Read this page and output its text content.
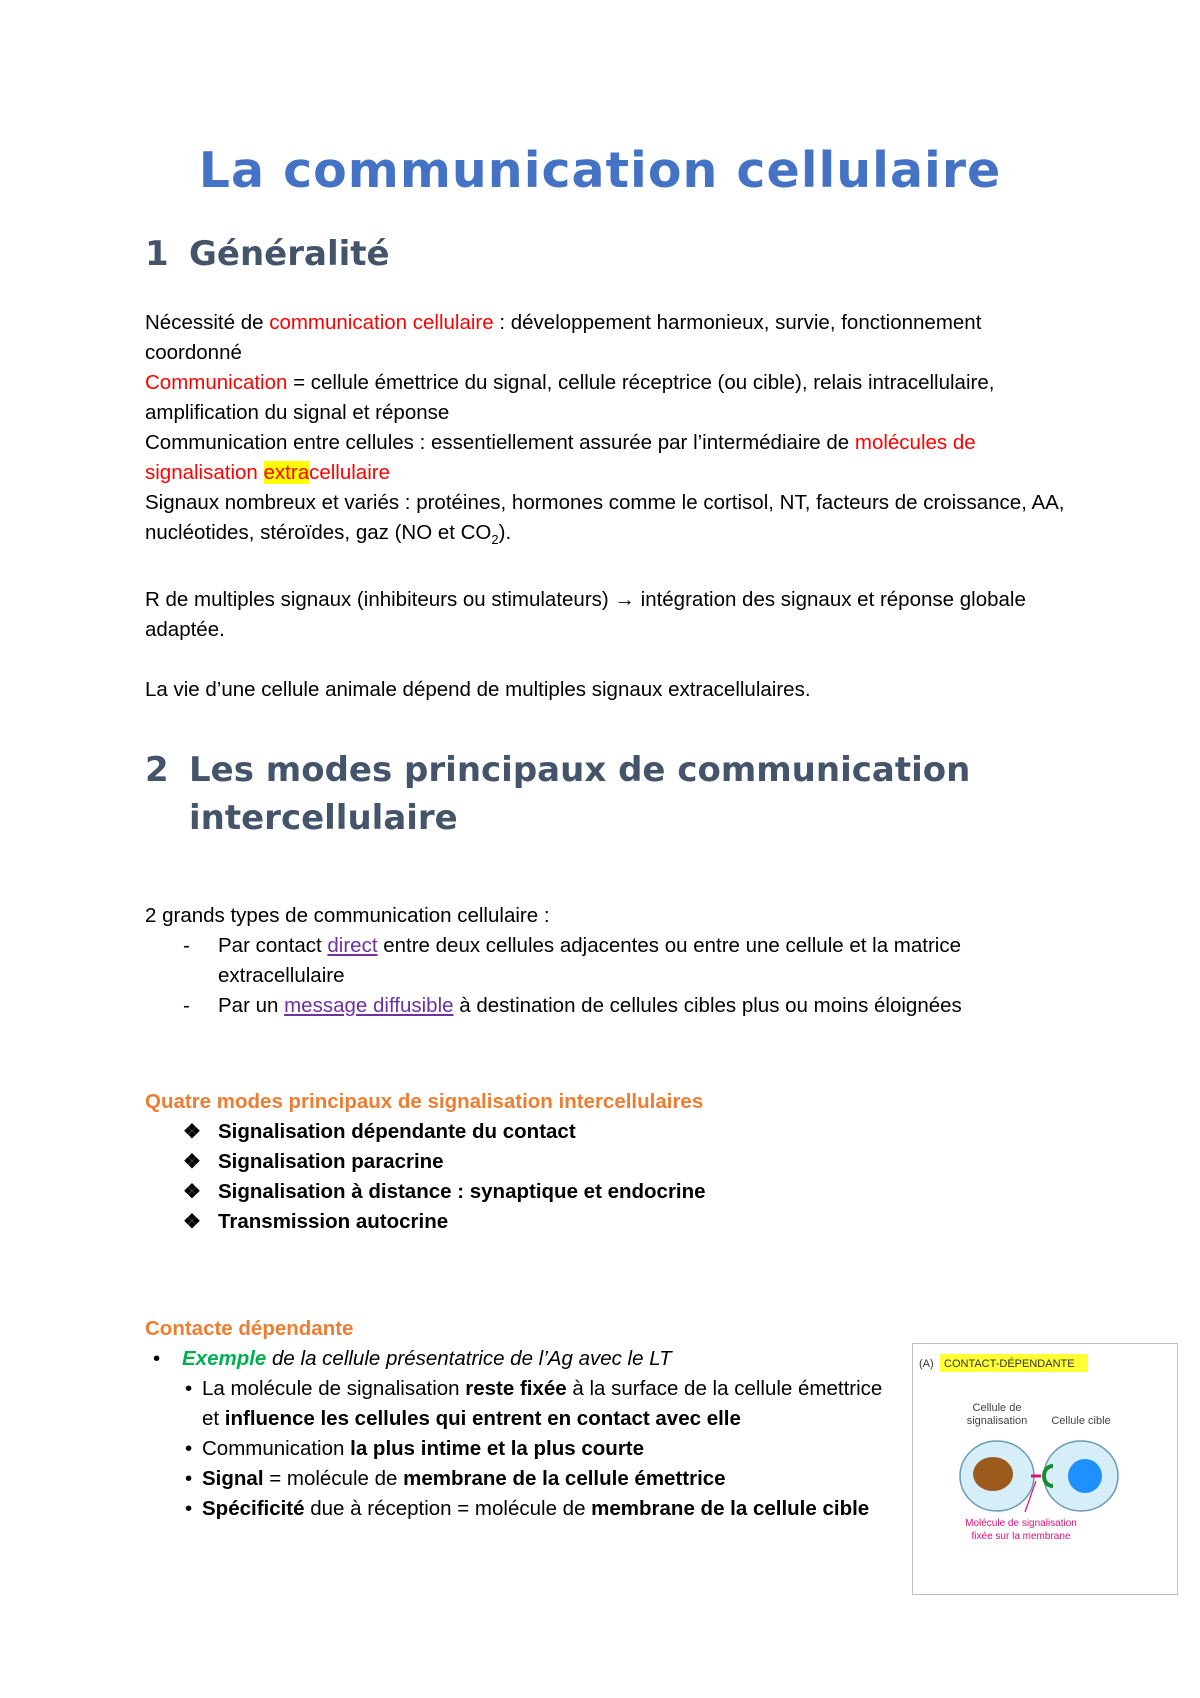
La communication cellulaire
1 Généralité

Nécessité de communication cellulaire : développement harmonieux, survie, fonctionnement coordonné

Communication = cellule émettrice du signal, cellule réceptrice (ou cible), relais intracellulaire, amplification du signal et réponse

Communication entre cellules : essentiellement assurée par l’intermédiaire de molécules de signalisation extracellulaire

Signaux nombreux et variés : protéines, hormones comme le cortisol, NT, facteurs de croissance, AA, nucléotides, stéroïdes, gaz (NO et $CO_2$).

R de multiples signaux (inhibiteurs ou stimulateurs) → intégration des signaux et réponse globale adaptée.

La vie d’une cellule animale dépend de multiples signaux extracellulaires.

2 Les modes principaux de communication
intercellulaire

2 grands types de communication cellulaire :

- Par contact direct entre deux cellules adjacentes ou entre une cellule et la matrice extracellulaire
- Par un message diffusible à destination de cellules cibles plus ou moins éloignées

Quatre modes principaux de signalisation intercellulaires

❖ Signalisation dépendante du contact
❖ Signalisation paracrine
❖ Signalisation à distance : synaptique et endocrine
❖ Transmission autocrine

Contacte dépendante

• Exemple de la cellule présentatrice de l’Ag avec le LT
• La molécule de signalisation reste fixée à la surface de la cellule émettrice et influence les cellules qui entrent en contact avec elle
• Communication la plus intime et la plus courte
• Signal = molécule de membrane de la cellule émettrice
• Spécificité due à réception = molécule de membrane de la cellule cible
(A) CONTACT-DÉPENDANTE
Cellule de
signalisation Cellule cible
Molécule de signalisation
fixée sur la membrane
